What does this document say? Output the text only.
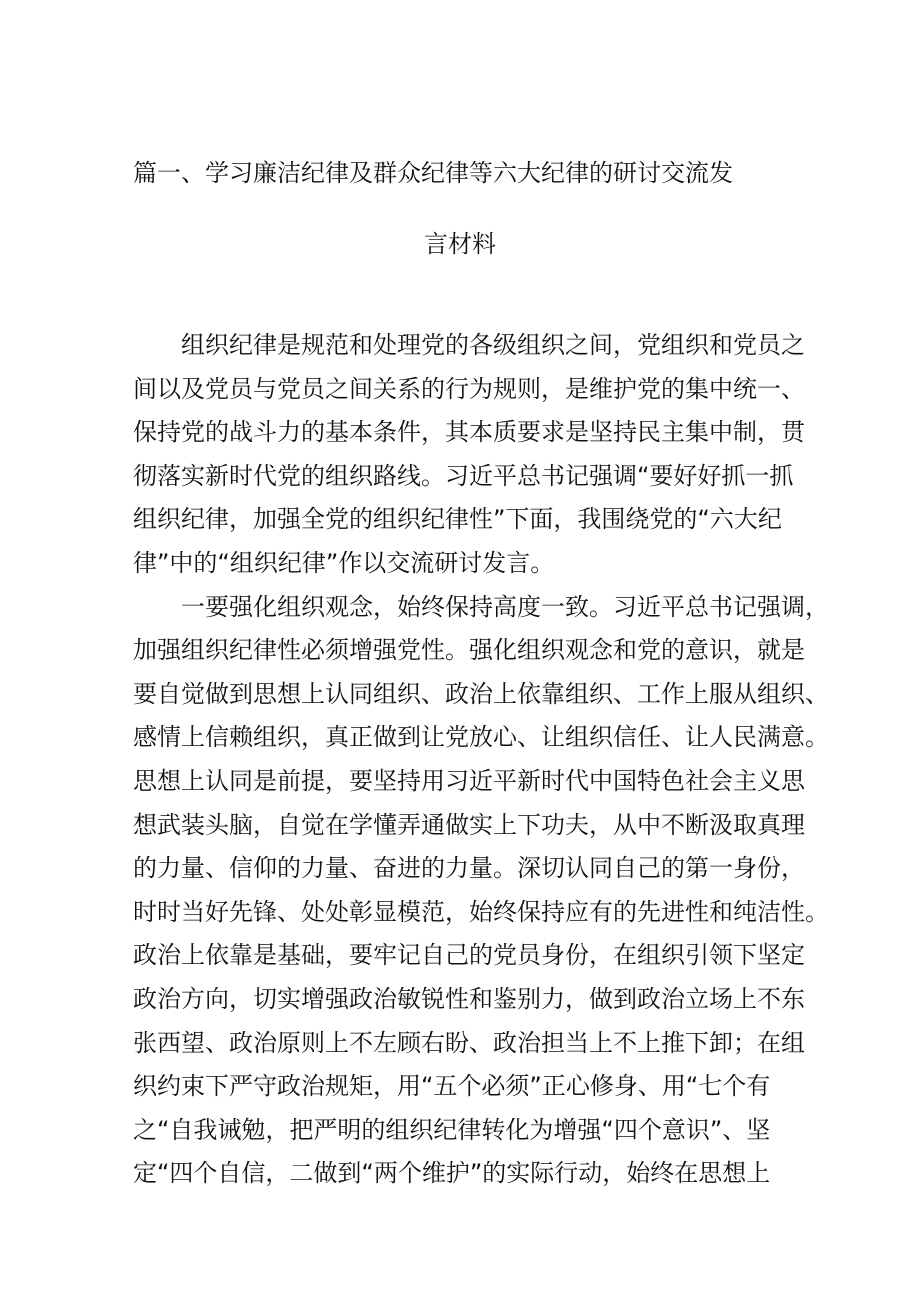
篇一、学习廉洁纪律及群众纪律等六大纪律的研讨交流发
言材料

组织纪律是规范和处理党的各级组织之间，党组织和党员之

间以及党员与党员之间关系的行为规则，是维护党的集中统一、

保持党的战斗力的基本条件，其本质要求是坚持民主集中制，贯

彻落实新时代党的组织路线。习近平总书记强调“要好好抓一抓

组织纪律，加强全党的组织纪律性”下面，我围绕党的“六大纪

律”中的“组织纪律”作以交流研讨发言。

一要强化组织观念，始终保持高度一致。习近平总书记强调，

加强组织纪律性必须增强党性。强化组织观念和党的意识，就是

要自觉做到思想上认同组织、政治上依靠组织、工作上服从组织、

感情上信赖组织，真正做到让党放心、让组织信任、让人民满意。

思想上认同是前提，要坚持用习近平新时代中国特色社会主义思

想武装头脑，自觉在学懂弄通做实上下功夫，从中不断汲取真理

的力量、信仰的力量、奋进的力量。深切认同自己的第一身份，

时时当好先锋、处处彰显模范，始终保持应有的先进性和纯洁性。

政治上依靠是基础，要牢记自己的党员身份，在组织引领下坚定

政治方向，切实增强政治敏锐性和鉴别力，做到政治立场上不东

张西望、政治原则上不左顾右盼、政治担当上不上推下卸；在组

织约束下严守政治规矩，用“五个必须”正心修身、用“七个有

之“自我诫勉，把严明的组织纪律转化为增强“四个意识”、坚

定“四个自信，二做到“两个维护”的实际行动，始终在思想上
